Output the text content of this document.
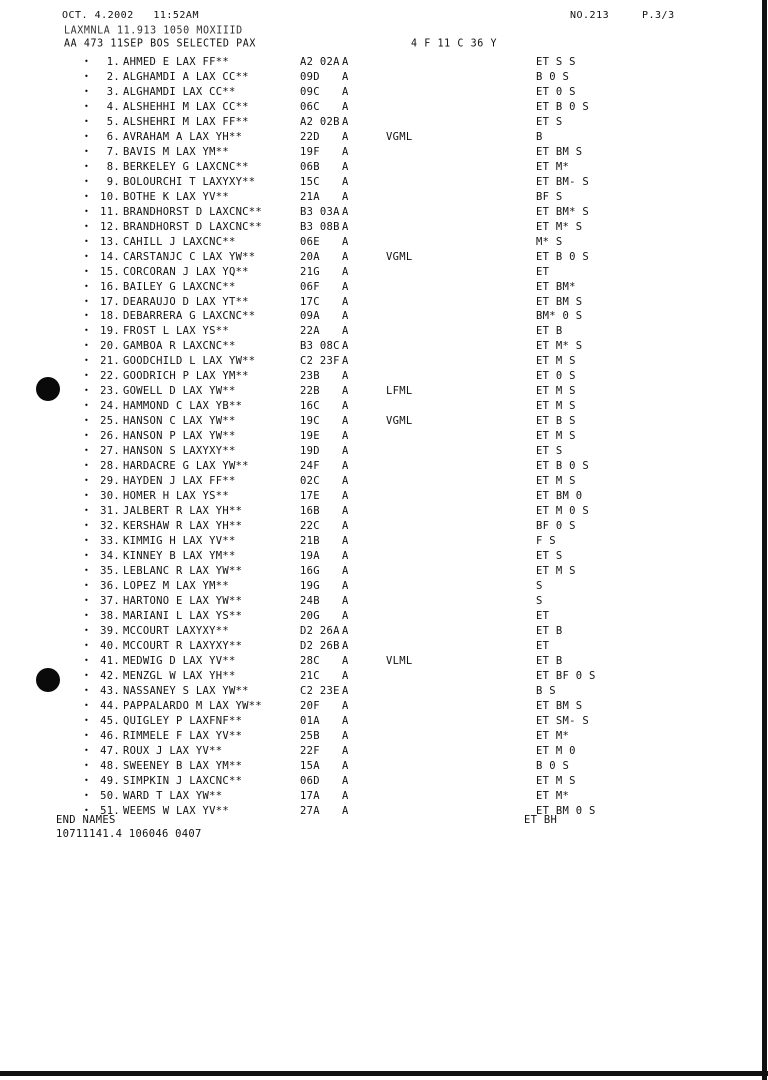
OCT. 4.2002 11:52AM	NO.213	P.3/3
LAXMNLA 11.913 1050 MOXIIID
AA 473 11SEP BOS SELECTED PAX	4 F 11 C 36 Y
•	1. AHMED E LAX FF**	A2 02A A	ET S S
•	2. ALGHAMDI A LAX CC**	09D	A	B 0 S
•	3. ALGHAMDI LAX CC**	09C	A	ET 0 S
•	4. ALSHEHHI M LAX CC**	06C	A	ET B 0 S
•	5. ALSHEHRI M LAX FF**	A2 02B A	ET S
•	6. AVRAHAM A LAX YH**	22D	A	VGML	B
•	7. BAVIS M LAX YM**	19F	A	ET BM S
•	8. BERKELEY G LAXCNC**	06B	A	ET M*
•	9. BOLOURCHI T LAXYXY**	15C	A	ET BM- S
•	10. BOTHE K LAX YV**	21A	A	BF S
•	11. BRANDHORST D LAXCNC**	B3 03A A	ET BM* S
•	12. BRANDHORST D LAXCNC**	B3 08B A	ET M* S
•	13. CAHILL J LAXCNC**	06E	A	M* S
•	14. CARSTANJC C LAX YW**	20A	A	VGML	ET B 0 S
•	15. CORCORAN J LAX YQ**	21G	A	ET
•	16. BAILEY G LAXCNC**	06F	A	ET BM*
•	17. DEARAUJO D LAX YT**	17C	A	ET BM S
•	18. DEBARRERA G LAXCNC**	09A	A	BM* 0 S
•	19. FROST L LAX YS**	22A	A	ET B
•	20. GAMBOA R LAXCNC**	B3 08C A	ET M* S
•	21. GOODCHILD L LAX YW**	C2 23F A	ET M S
•	22. GOODRICH P LAX YM**	23B	A	ET 0 S
•	23. GOWELL D LAX YW**	22B	A	LFML	ET M S
•	24. HAMMOND C LAX YB**	16C	A	ET M S
•	25. HANSON C LAX YW**	19C	A	VGML	ET B S
•	26. HANSON P LAX YW**	19E	A	ET M S
•	27. HANSON S LAXYXY**	19D	A	ET S
•	28. HARDACRE G LAX YW**	24F	A	ET B 0 S
•	29. HAYDEN J LAX FF**	02C	A	ET M S
•	30. HOMER H LAX YS**	17E	A	ET BM 0
•	31. JALBERT R LAX YH**	16B	A	ET M 0 S
•	32. KERSHAW R LAX YH**	22C	A	BF 0 S
•	33. KIMMIG H LAX YV**	21B	A	F S
•	34. KINNEY B LAX YM**	19A	A	ET S
•	35. LEBLANC R LAX YW**	16G	A	ET M S
•	36. LOPEZ M LAX YM**	19G	A	S
•	37. HARTONO E LAX YW**	24B	A	S
•	38. MARIANI L LAX YS**	20G	A	ET
•	39. MCCOURT LAXYXY**	D2 26A A	ET B
•	40. MCCOURT R LAXYXY**	D2 26B A	ET
•	41. MEDWIG D LAX YV**	28C	A	VLML	ET B
•	42. MENZGL W LAX YH**	21C	A	ET BF 0 S
•	43. NASSANEY S LAX YW**	C2 23E A	B S
•	44. PAPPALARDO M LAX YW**	20F	A	ET BM S
•	45. QUIGLEY P LAXFNF**	01A	A	ET SM- S
•	46. RIMMELE F LAX YV**	25B	A	ET M*
•	47. ROUX J LAX YV**	22F	A	ET M 0
•	48. SWEENEY B LAX YM**	15A	A	B 0 S
•	49. SIMPKIN J LAXCNC**	06D	A	ET M S
•	50. WARD T LAX YW**	17A	A	ET M*
•	51. WEEMS W LAX YV**	27A	A	ET BM 0 S
END NAMES	ET BH
10711141.4 106046 0407
